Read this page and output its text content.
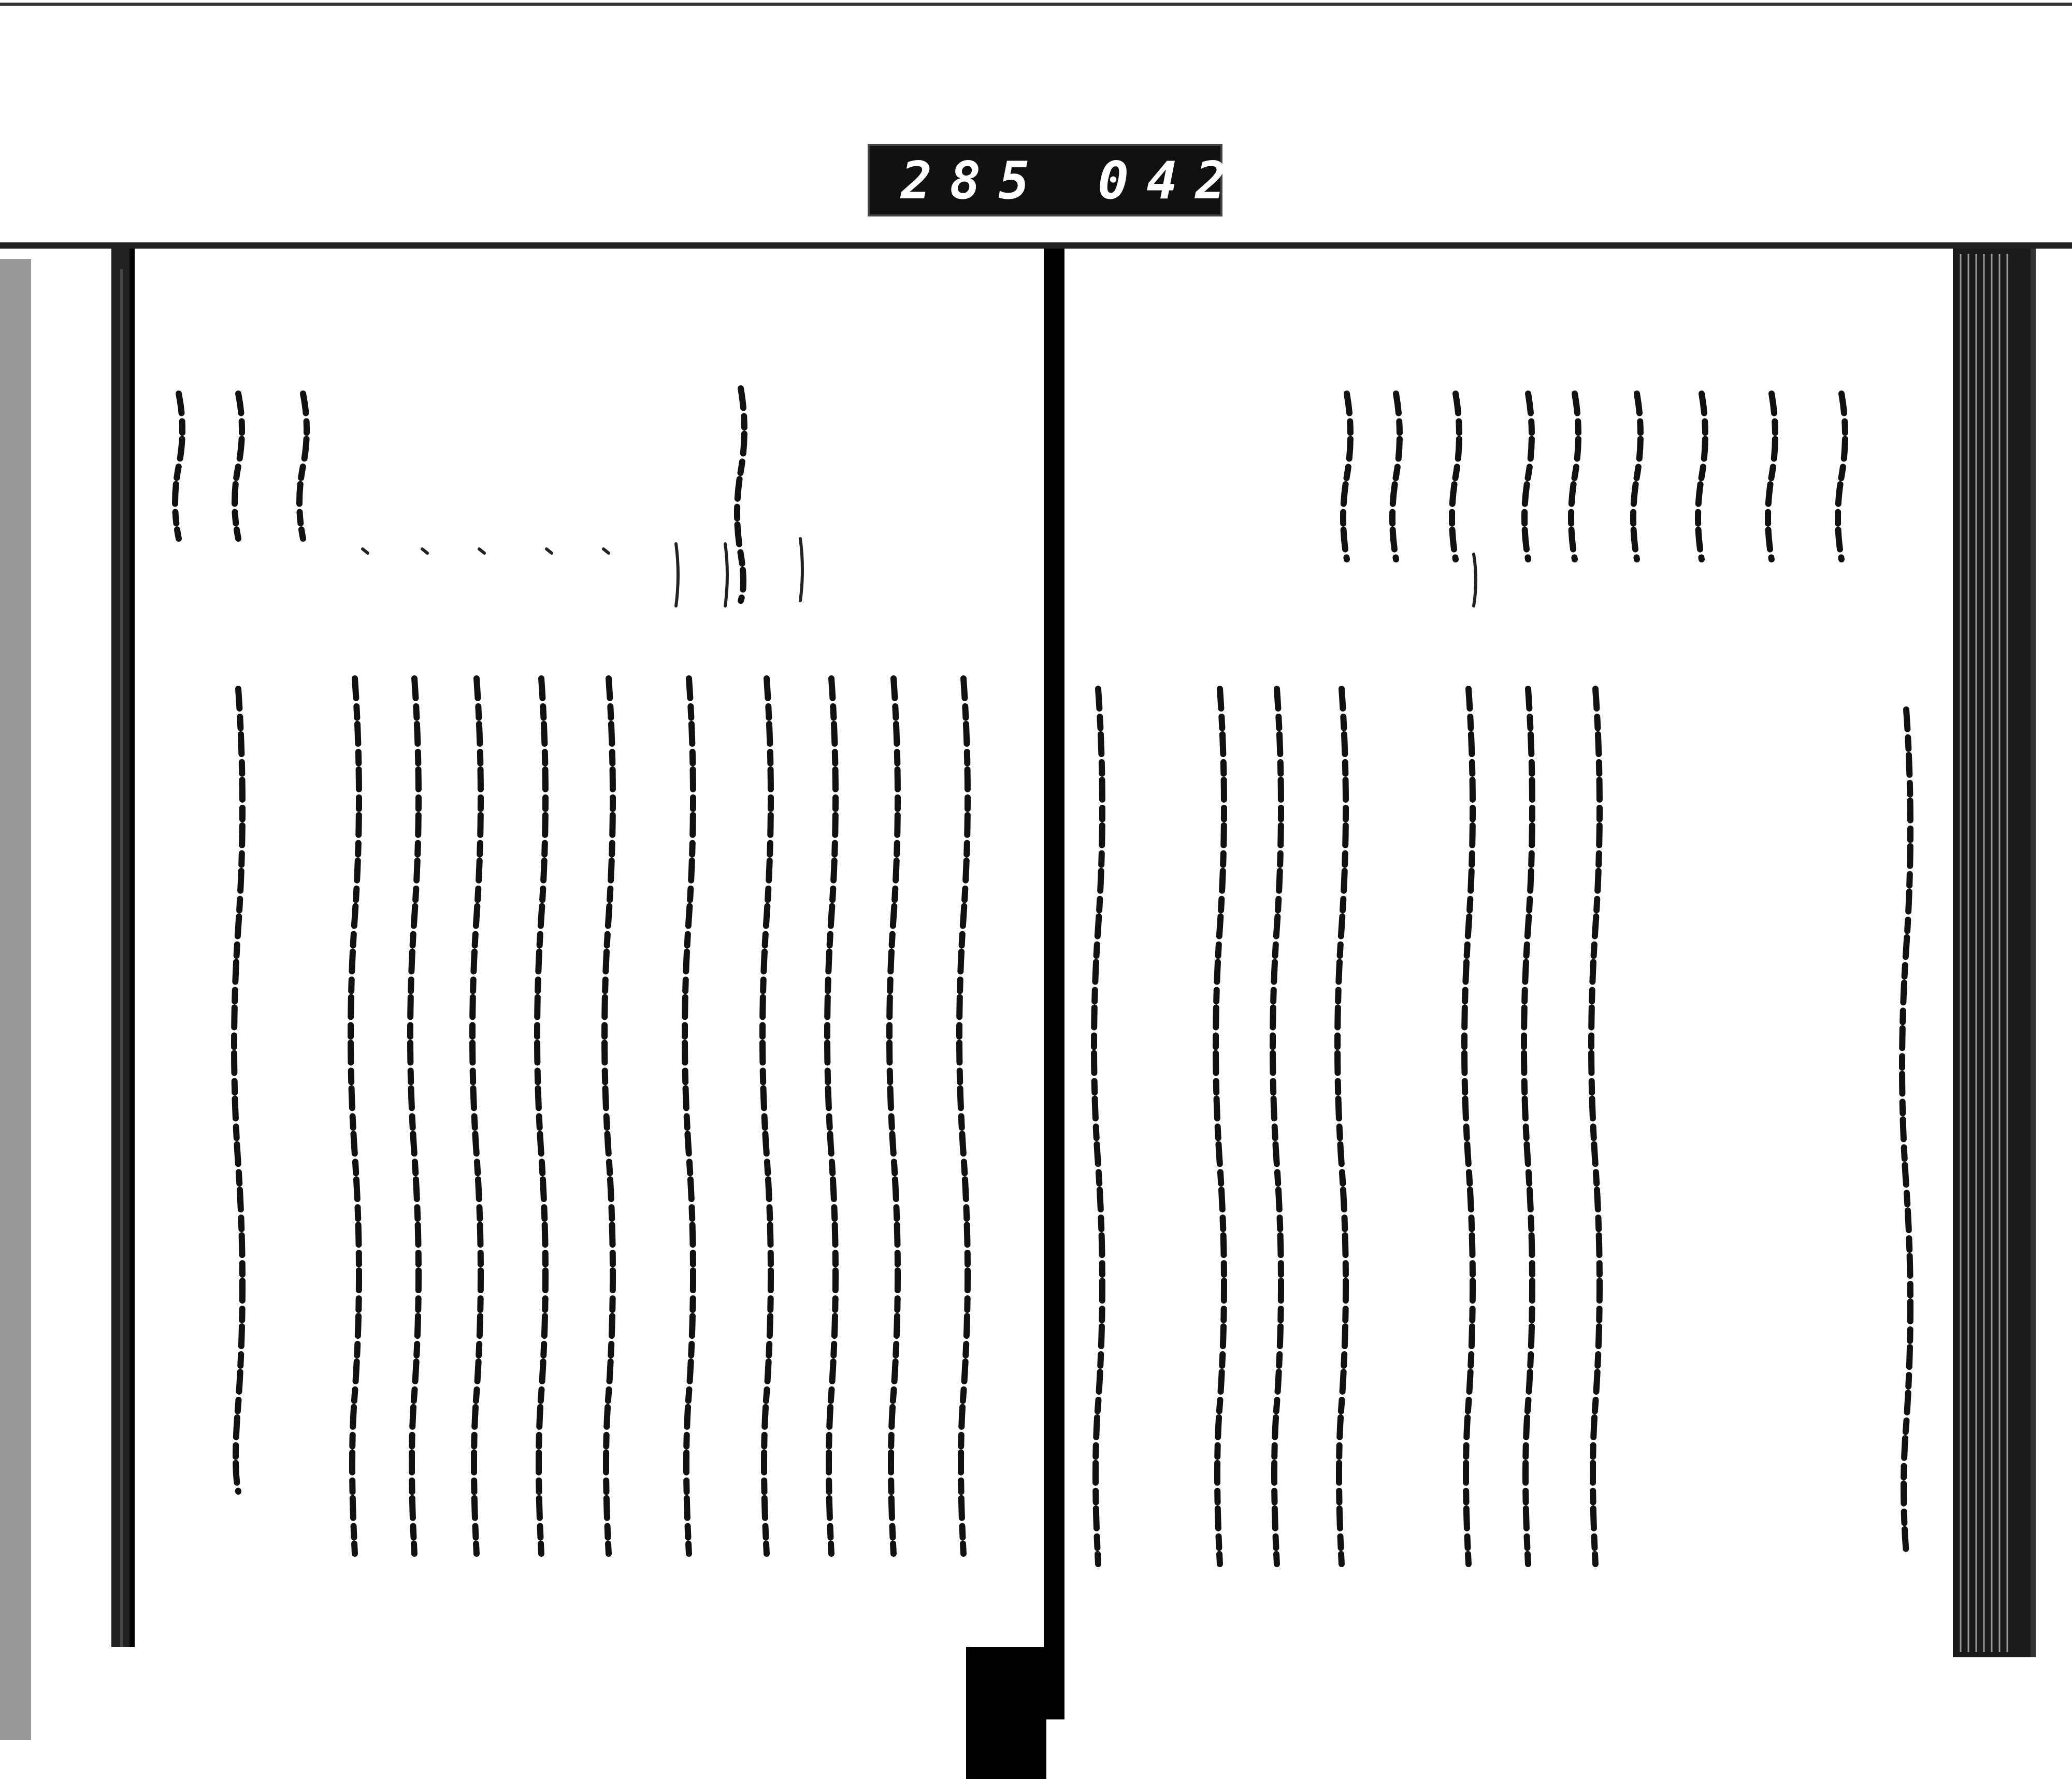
285 042.
